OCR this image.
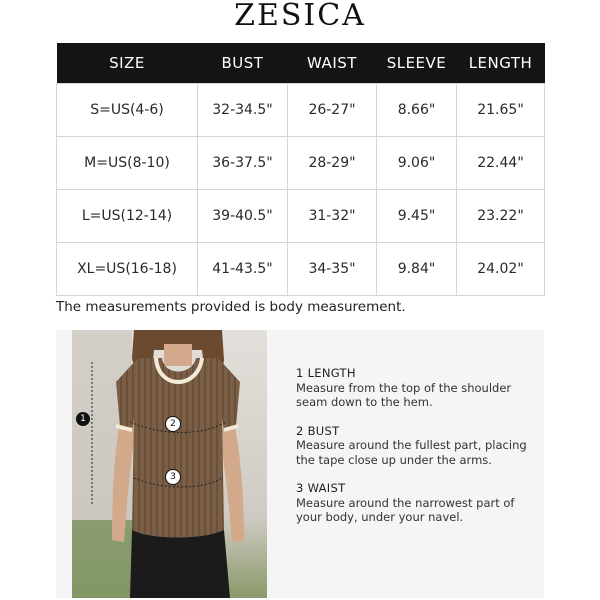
ZESICA
SIZE	BUST	WAIST	SLEEVE	LENGTH
S=US(4-6)	32-34.5"	26-27"	8.66"	21.65"
M=US(8-10)	36-37.5"	28-29"	9.06"	22.44"
L=US(12-14)	39-40.5"	31-32"	9.45"	23.22"
XL=US(16-18)	41-43.5"	34-35"	9.84"	24.02"
The measurements provided is body measurement.
1	2
3
1 LENGTH
Measure from the top of the shoulder seam down to the hem.
2 BUST
Measure around the fullest part, placing the tape close up under the arms.
3 WAIST
Measure around the narrowest part of your body, under your navel.
